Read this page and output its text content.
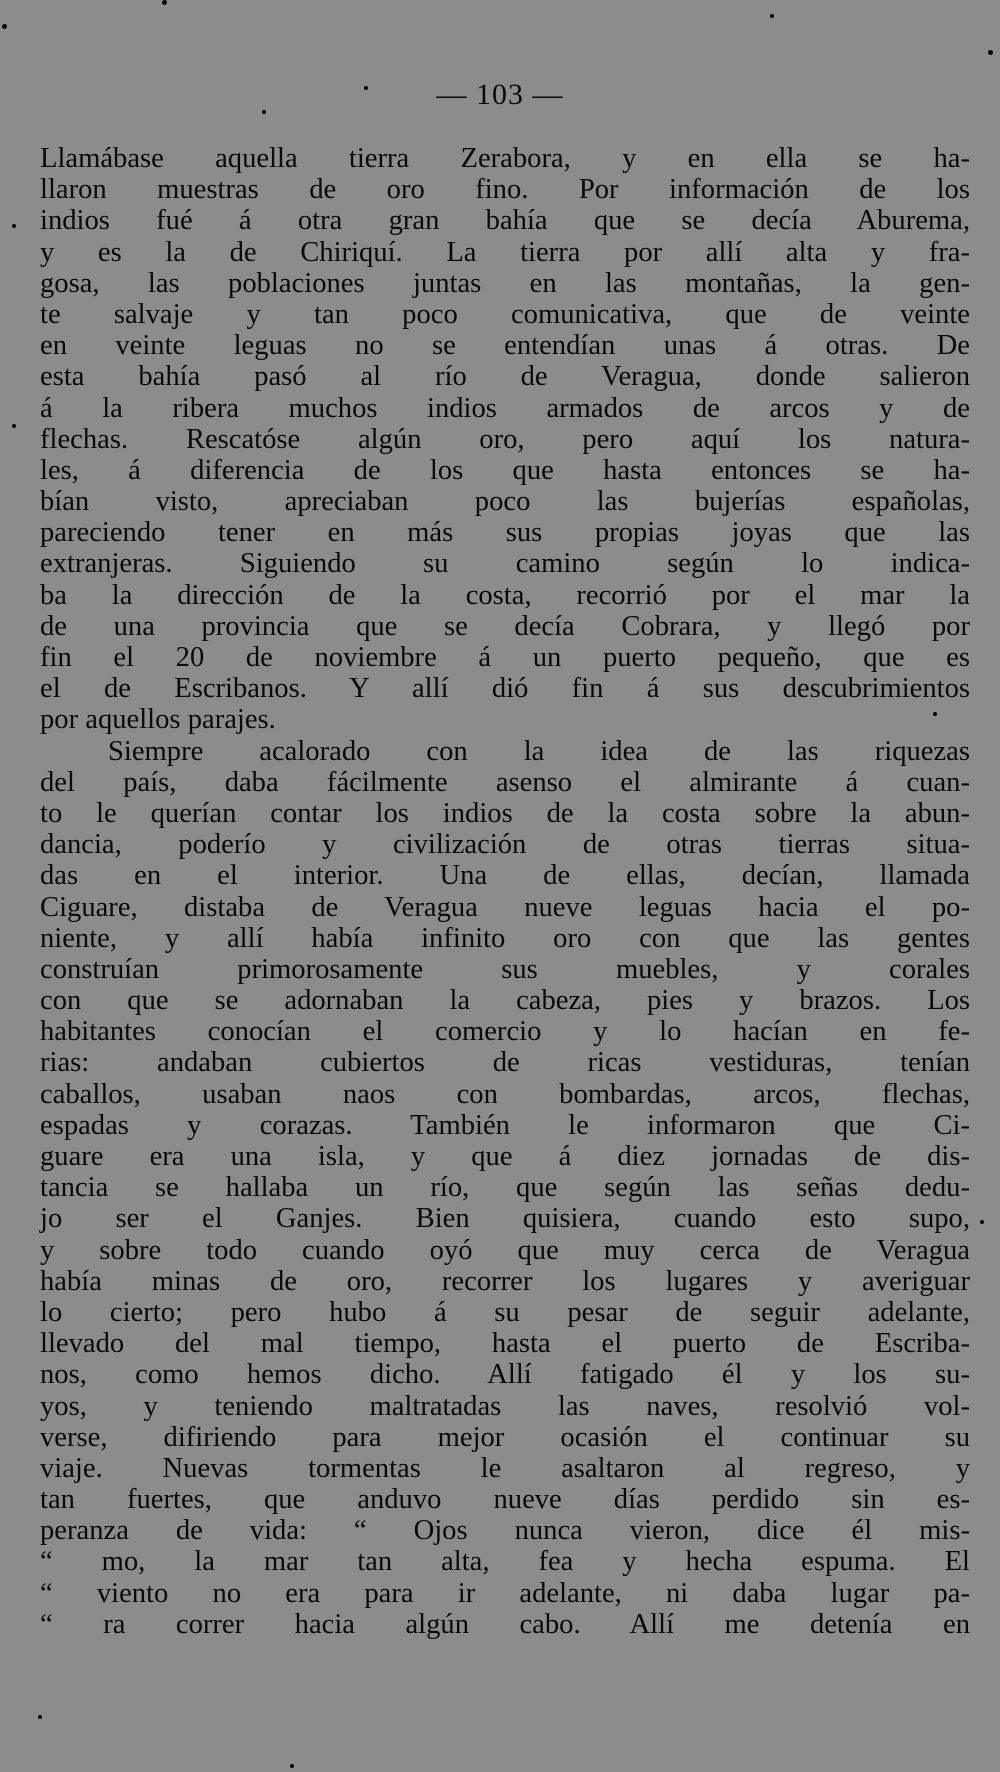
— 103 —
Llamábase aquella tierra Zerabora, y en ella se ha-
llaron muestras de oro fino. Por información de los
indios fué á otra gran bahía que se decía Aburema,
y es la de Chiriquí. La tierra por allí alta y fra-
gosa, las poblaciones juntas en las montañas, la gen-
te salvaje y tan poco comunicativa, que de veinte
en veinte leguas no se entendían unas á otras. De
esta bahía pasó al río de Veragua, donde salieron
á la ribera muchos indios armados de arcos y de
flechas. Rescatóse algún oro, pero aquí los natura-
les, á diferencia de los que hasta entonces se ha-
bían visto, apreciaban poco las bujerías españolas,
pareciendo tener en más sus propias joyas que las
extranjeras. Siguiendo su camino según lo indica-
ba la dirección de la costa, recorrió por el mar la
de una provincia que se decía Cobrara, y llegó por
fin el 20 de noviembre á un puerto pequeño, que es
el de Escribanos. Y allí dió fin á sus descubrimientos
por aquellos parajes.
Siempre acalorado con la idea de las riquezas
del país, daba fácilmente asenso el almirante á cuan-
to le querían contar los indios de la costa sobre la abun-
dancia, poderío y civilización de otras tierras situa-
das en el interior. Una de ellas, decían, llamada
Ciguare, distaba de Veragua nueve leguas hacia el po-
niente, y allí había infinito oro con que las gentes
construían primorosamente sus muebles, y corales
con que se adornaban la cabeza, pies y brazos. Los
habitantes conocían el comercio y lo hacían en fe-
rias: andaban cubiertos de ricas vestiduras, tenían
caballos, usaban naos con bombardas, arcos, flechas,
espadas y corazas. También le informaron que Ci-
guare era una isla, y que á diez jornadas de dis-
tancia se hallaba un río, que según las señas dedu-
jo ser el Ganjes. Bien quisiera, cuando esto supo,
y sobre todo cuando oyó que muy cerca de Veragua
había minas de oro, recorrer los lugares y averiguar
lo cierto; pero hubo á su pesar de seguir adelante,
llevado del mal tiempo, hasta el puerto de Escriba-
nos, como hemos dicho. Allí fatigado él y los su-
yos, y teniendo maltratadas las naves, resolvió vol-
verse, difiriendo para mejor ocasión el continuar su
viaje. Nuevas tormentas le asaltaron al regreso, y
tan fuertes, que anduvo nueve días perdido sin es-
peranza de vida: “ Ojos nunca vieron, dice él mis-
“ mo, la mar tan alta, fea y hecha espuma. El
“ viento no era para ir adelante, ni daba lugar pa-
“ ra correr hacia algún cabo. Allí me detenía en
